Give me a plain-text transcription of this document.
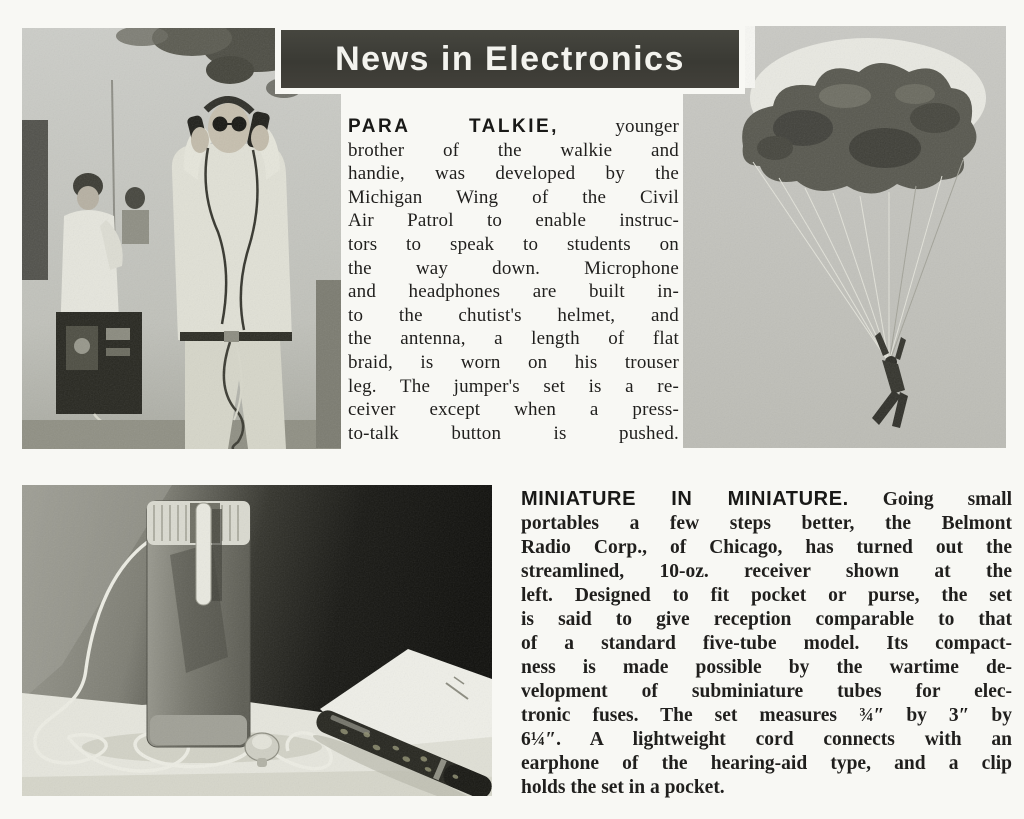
News in Electronics
PARA TALKIE, younger
brother of the walkie and
handie, was developed by the
Michigan Wing of the Civil
Air Patrol to enable instruc-
tors to speak to students on
the way down. Microphone
and headphones are built in-
to the chutist's helmet, and
the antenna, a length of flat
braid, is worn on his trouser
leg. The jumper's set is a re-
ceiver except when a press-
to-talk button is pushed.
MINIATURE IN MINIATURE. Going small
portables a few steps better, the Belmont
Radio Corp., of Chicago, has turned out the
streamlined, 10-oz. receiver shown at the
left. Designed to fit pocket or purse, the set
is said to give reception comparable to that
of a standard five-tube model. Its compact-
ness is made possible by the wartime de-
velopment of subminiature tubes for elec-
tronic fuses. The set measures ¾″ by 3″ by
6¼″. A lightweight cord connects with an
earphone of the hearing-aid type, and a clip
holds the set in a pocket.
